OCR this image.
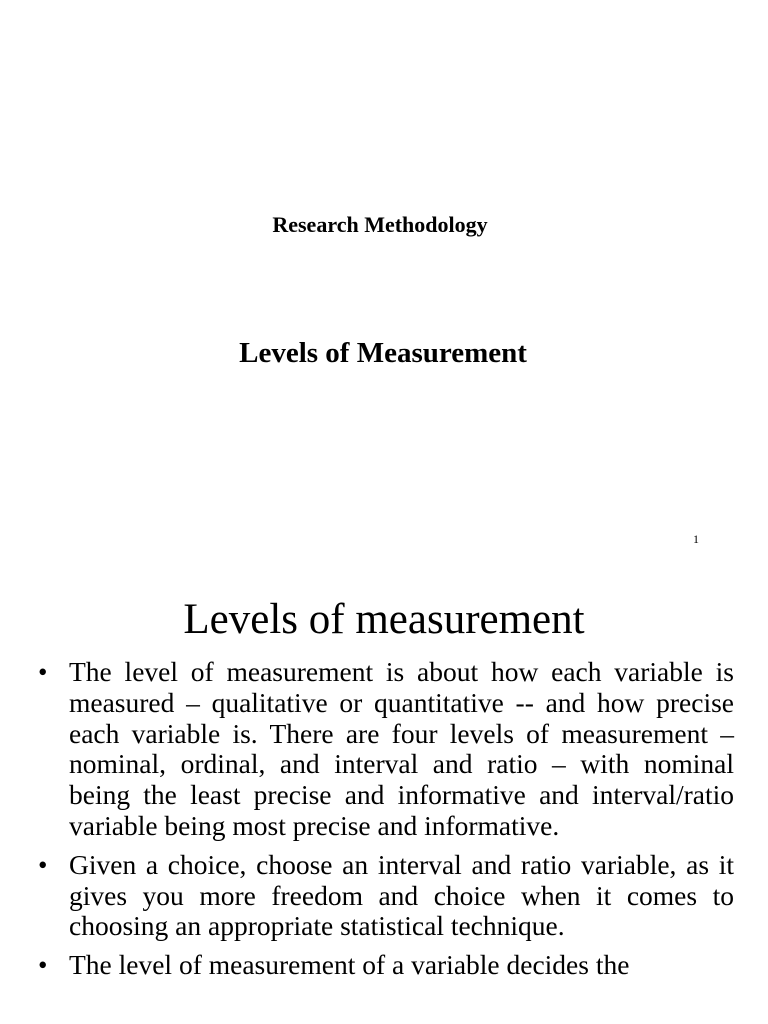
Research Methodology
Levels of Measurement
1
Levels of measurement
• The level of measurement is about how each variable is measured – qualitative or quantitative -- and how precise each variable is. There are four levels of measurement – nominal, ordinal, and interval and ratio – with nominal being the least precise and informative and interval/ratio variable being most precise and informative.
• Given a choice, choose an interval and ratio variable, as it gives you more freedom and choice when it comes to choosing an appropriate statistical technique.
• The level of measurement of a variable decides the
